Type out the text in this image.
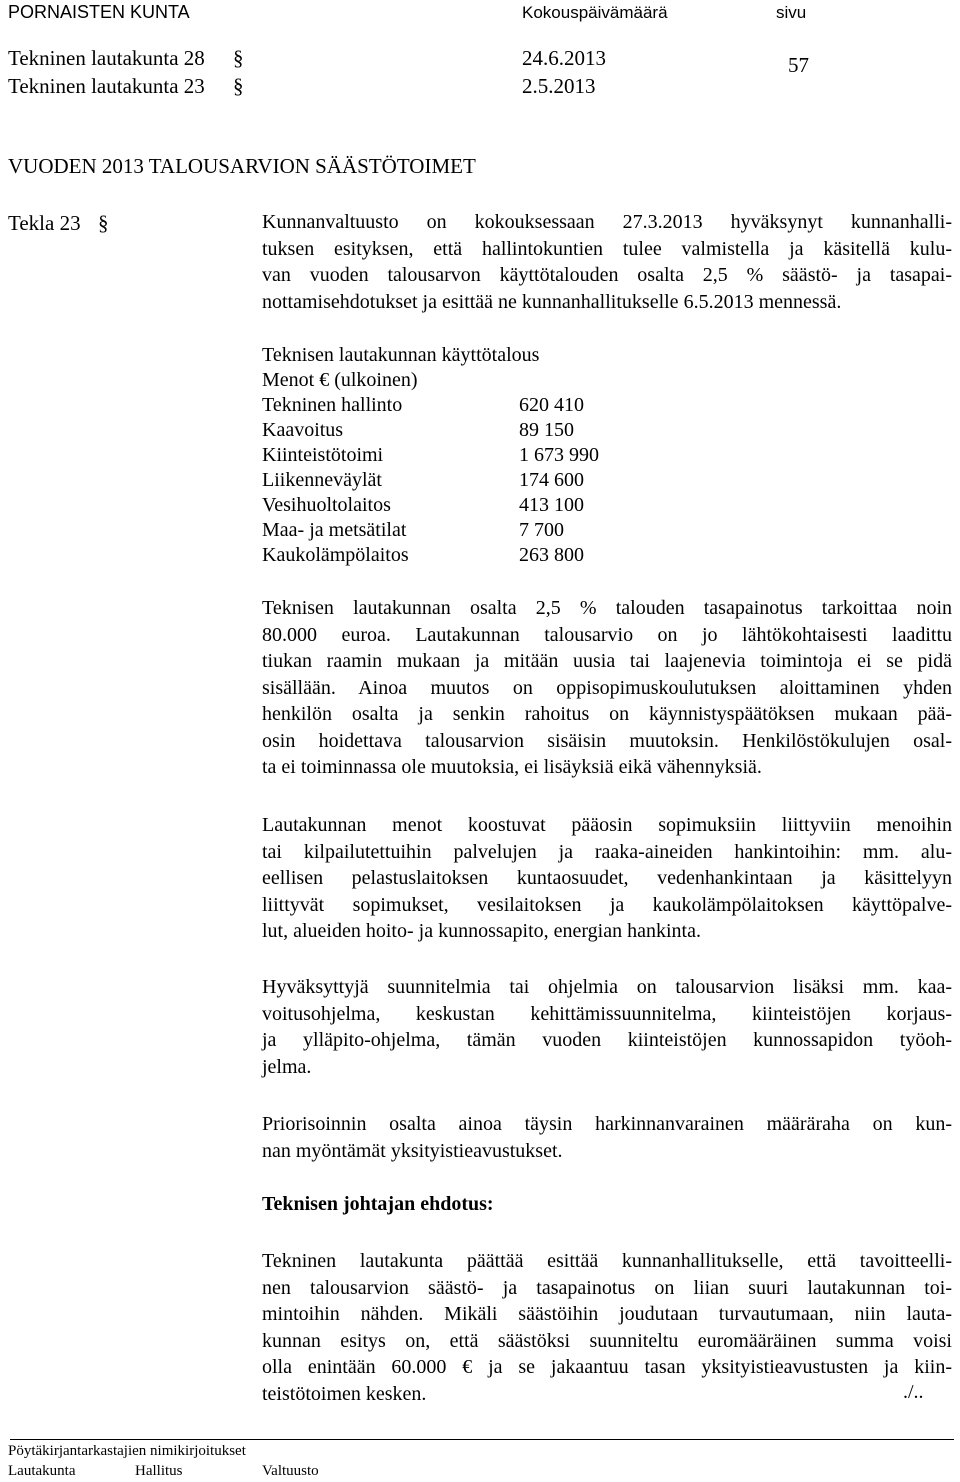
PORNAISTEN KUNTA	Kokouspäivämäärä	sivu
Tekninen lautakunta 28 §	24.6.2013	57
Tekninen lautakunta 23 §	2.5.2013
VUODEN 2013 TALOUSARVION SÄÄSTÖTOIMET
Tekla 23 §	Kunnanvaltuusto on kokouksessaan 27.3.2013 hyväksynyt kunnanhalli-
tuksen esityksen, että hallintokuntien tulee valmistella ja käsitellä kulu-
van vuoden talousarvon käyttötalouden osalta 2,5 % säästö- ja tasapai-
nottamisehdotukset ja esittää ne kunnanhallitukselle 6.5.2013 mennessä.
Teknisen lautakunnan käyttötalous
Menot € (ulkoinen)
Tekninen hallinto	620 410
Kaavoitus	89 150
Kiinteistötoimi	1 673 990
Liikenneväylät	174 600
Vesihuoltolaitos	413 100
Maa- ja metsätilat	7 700
Kaukolämpölaitos	263 800
Teknisen lautakunnan osalta 2,5 % talouden tasapainotus tarkoittaa noin
80.000 euroa. Lautakunnan talousarvio on jo lähtökohtaisesti laadittu
tiukan raamin mukaan ja mitään uusia tai laajenevia toimintoja ei se pidä
sisällään. Ainoa muutos on oppisopimuskoulutuksen aloittaminen yhden
henkilön osalta ja senkin rahoitus on käynnistyspäätöksen mukaan pää-
osin hoidettava talousarvion sisäisin muutoksin. Henkilöstökulujen osal-
ta ei toiminnassa ole muutoksia, ei lisäyksiä eikä vähennyksiä.
Lautakunnan menot koostuvat pääosin sopimuksiin liittyviin menoihin
tai kilpailutettuihin palvelujen ja raaka-aineiden hankintoihin: mm. alu-
eellisen pelastuslaitoksen kuntaosuudet, vedenhankintaan ja käsittelyyn
liittyvät sopimukset, vesilaitoksen ja kaukolämpölaitoksen käyttöpalve-
lut, alueiden hoito- ja kunnossapito, energian hankinta.
Hyväksyttyjä suunnitelmia tai ohjelmia on talousarvion lisäksi mm. kaa-
voitusohjelma, keskustan kehittämissuunnitelma, kiinteistöjen korjaus-
ja ylläpito-ohjelma, tämän vuoden kiinteistöjen kunnossapidon työoh-
jelma.
Priorisoinnin osalta ainoa täysin harkinnanvarainen määräraha on kun-
nan myöntämät yksityistieavustukset.
Teknisen johtajan ehdotus:
Tekninen lautakunta päättää esittää kunnanhallitukselle, että tavoitteelli-
nen talousarvion säästö- ja tasapainotus on liian suuri lautakunnan toi-
mintoihin nähden. Mikäli säästöihin joudutaan turvautumaan, niin lauta-
kunnan esitys on, että säästöksi suunniteltu euromääräinen summa voisi
olla enintään 60.000 € ja se jakaantuu tasan yksityistieavustusten ja kiin-
teistötoimen kesken.	./..
Pöytäkirjantarkastajien nimikirjoitukset
Lautakunta	Hallitus	Valtuusto
